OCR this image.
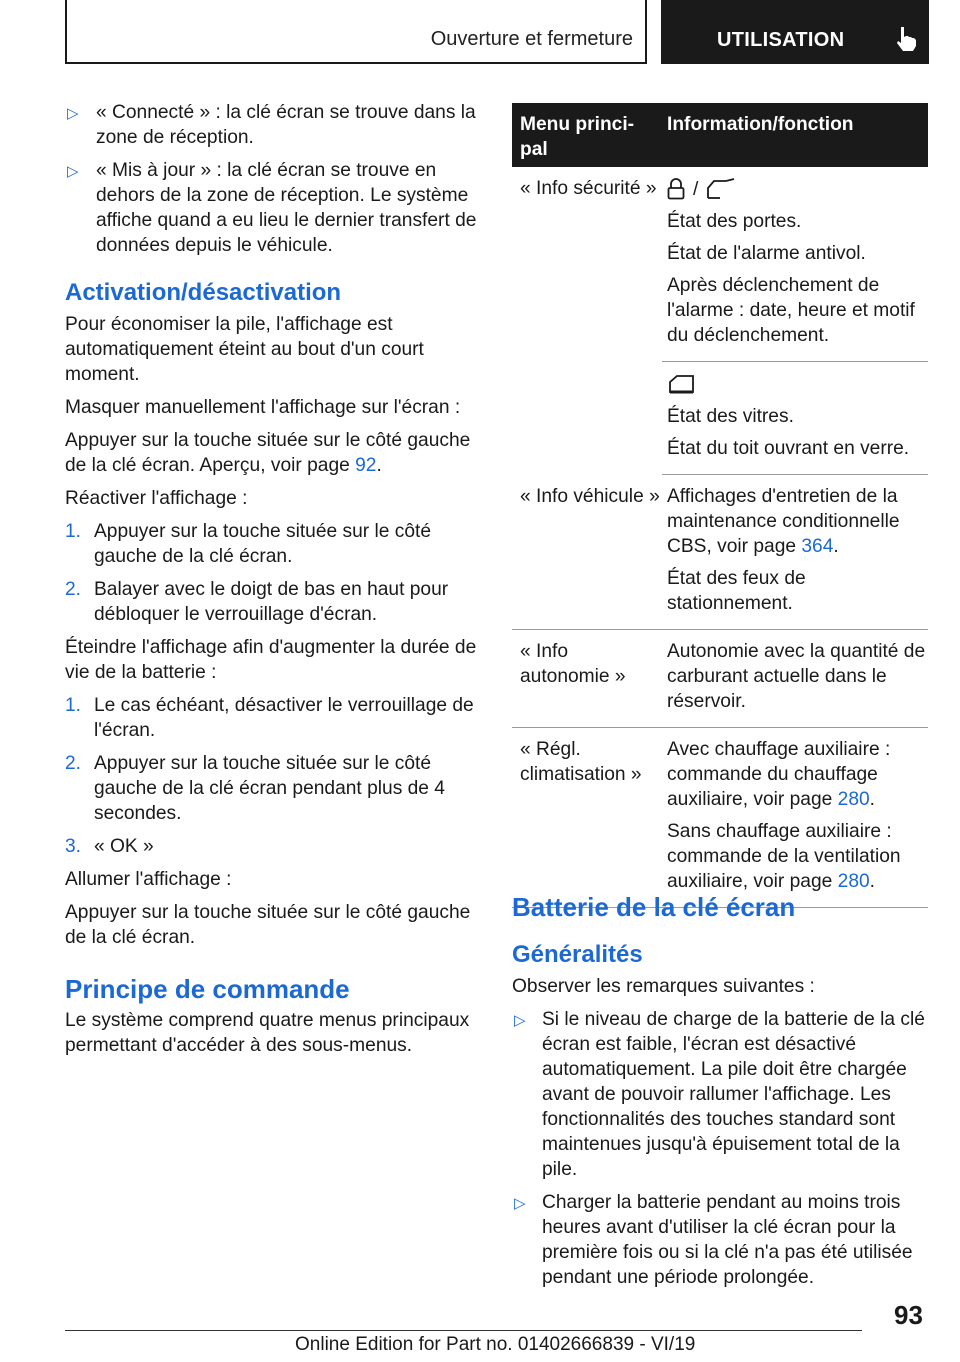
Ouverture et fermeture	UTILISATION
▷ « Connecté » : la clé écran se trouve dans la zone de réception.
▷ « Mis à jour » : la clé écran se trouve en dehors de la zone de réception. Le système affiche quand a eu lieu le dernier transfert de données depuis le véhicule.
Activation/désactivation

Pour économiser la pile, l'affichage est automatiquement éteint au bout d'un court moment.

Masquer manuellement l'affichage sur l'écran :

Appuyer sur la touche située sur le côté gauche de la clé écran. Aperçu, voir page 92.

Réactiver l'affichage :

1. Appuyer sur la touche située sur le côté gauche de la clé écran.
2. Balayer avec le doigt de bas en haut pour débloquer le verrouillage d'écran.

Éteindre l'affichage afin d'augmenter la durée de vie de la batterie :

1. Le cas échéant, désactiver le verrouillage de l'écran.
2. Appuyer sur la touche située sur le côté gauche de la clé écran pendant plus de 4 secondes.
3. « OK »

Allumer l'affichage :

Appuyer sur la touche située sur le côté gauche de la clé écran.

Principe de commande

Le système comprend quatre menus principaux permettant d'accéder à des sous-menus.

Menu princi-pal
Information/fonction
« Info sécurité » /

État des portes.

État de l'alarme antivol.

Après déclenchement de l'alarme : date, heure et motif du déclenchement.

État des vitres.

État du toit ouvrant en verre.

« Info véhicule » Affichages d'entretien de la maintenance conditionnelle CBS, voir page 364.

État des feux de stationnement.

« Info autonomie »

Autonomie avec la quantité de carburant actuelle dans le réservoir.

« Régl. climatisation »

Avec chauffage auxiliaire : commande du chauffage auxiliaire, voir page 280.

Sans chauffage auxiliaire : commande de la ventilation auxiliaire, voir page 280.

Batterie de la clé écran
Généralités

Observer les remarques suivantes :

▷ Si le niveau de charge de la batterie de la clé écran est faible, l'écran est désactivé automatiquement. La pile doit être chargée avant de pouvoir rallumer l'affichage. Les fonctionnalités des touches standard sont maintenues jusqu'à épuisement total de la pile.
▷ Charger la batterie pendant au moins trois heures avant d'utiliser la clé écran pour la première fois ou si la clé n'a pas été utilisée pendant une période prolongée.
93
Online Edition for Part no. 01402666839 - VI/19
